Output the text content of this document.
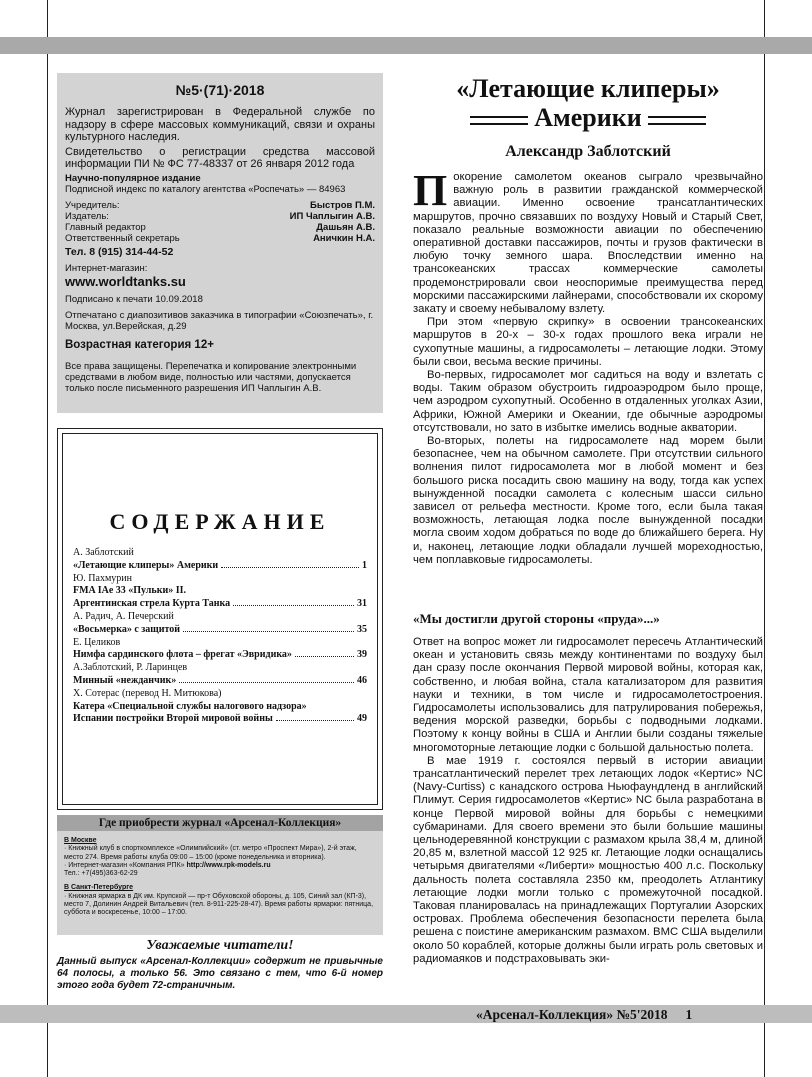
№5·(71)·2018
Журнал зарегистрирован в Федеральной службе по надзору в сфере массовых коммуникаций, связи и охраны культурного наследия.
Свидетельство о регистрации средства массовой информации ПИ № ФС 77-48337 от 26 января 2012 года
Научно-популярное издание
Подписной индекс по каталогу агентства «Роспечать» — 84963
Учредитель:	Быстров П.М.
Издатель:	ИП Чаплыгин А.В.
Главный редактор	Дашьян А.В.
Ответственный секретарь	Аничкин Н.А.
Тел. 8 (915) 314-44-52
Интернет-магазин:
www.worldtanks.su
Подписано к печати 10.09.2018
Отпечатано с диапозитивов заказчика в типографии «Союзпечать», г. Москва, ул.Верейская, д.29
Возрастная категория 12+
Все права защищены. Перепечатка и копирование электронными средствами в любом виде, полностью или частями, допускается только после письменного разрешения ИП Чаплыгин А.В.
СОДЕРЖАНИЕ
А. Заблотский
«Летающие клиперы» Америки	1
Ю. Пахмурин
FMA IAe 33 «Пульки» II.
Аргентинская стрела Курта Танка	31
А. Радич, А. Печерский
«Восьмерка» с защитой	35
Е. Целиков
Нимфа сардинского флота – фрегат «Эвридика»	39
А.Заблотский, Р. Ларинцев
Минный «нежданчик»	46
Х. Сотерас (перевод Н. Митюкова)
Катера «Специальной службы налогового надзора»
Испании постройки Второй мировой войны	49
Где приобрести журнал «Арсенал-Коллекция»
В Москве
· Книжный клуб в спорткомплексе «Олимпийский» (ст. метро «Проспект Мира»), 2-й этаж, место 274. Время работы клуба 09:00 – 15:00 (кроме понедельника и вторника).
· Интернет-магазин «Компания РПК» http://www.rpk-models.ru
Тел.: +7(495)363-62-29
В Санкт-Петербурге
· Книжная ярмарка в ДК им. Крупской — пр-т Обуховской обороны, д. 105, Синий зал (КП-3), место 7, Долинин Андрей Витальевич (тел. 8-911-225-28-47). Время работы ярмарки: пятница, суббота и воскресенье, 10:00 – 17:00.
Уважаемые читатели!
Данный выпуск «Арсенал-Коллекции» содержит не привычные 64 полосы, а только 56. Это связано с тем, что 6-й номер этого года будет 72-страничным.
«Летающие клиперы»
Америки
Александр Заблотский

Покорение самолетом океанов сыграло чрезвычайно важную роль в развитии гражданской коммерческой авиации. Именно освоение трансатлантических маршрутов, прочно связавших по воздуху Новый и Старый Свет, показало реальные возможности авиации по обеспечению оперативной доставки пассажиров, почты и грузов фактически в любую точку земного шара. Впоследствии именно на трансокеанских трассах коммерческие самолеты продемонстрировали свои неоспоримые преимущества перед морскими пассажирскими лайнерами, способствовали их скорому закату и своему небывалому взлету.

При этом «первую скрипку» в освоении трансокеанских маршрутов в 20-х – 30-х годах прошлого века играли не сухопутные машины, а гидросамолеты – летающие лодки. Этому были свои, весьма веские причины.

Во-первых, гидросамолет мог садиться на воду и взлетать с воды. Таким образом обустроить гидроаэродром было проще, чем аэродром сухопутный. Особенно в отдаленных уголках Азии, Африки, Южной Америки и Океании, где обычные аэродромы отсутствовали, но зато в избытке имелись водные акватории.

Во-вторых, полеты на гидросамолете над морем были безопаснее, чем на обычном самолете. При отсутствии сильного волнения пилот гидросамолета мог в любой момент и без большого риска посадить свою машину на воду, тогда как успех вынужденной посадки самолета с колесным шасси сильно зависел от рельефа местности. Кроме того, если была такая возможность, летающая лодка после вынужденной посадки могла своим ходом добраться по воде до ближайшего берега. Ну и, наконец, летающие лодки обладали лучшей мореходностью, чем поплавковые гидросамолеты.

«Мы достигли другой стороны «пруда»...»

Ответ на вопрос может ли гидросамолет пересечь Атлантический океан и установить связь между континентами по воздуху был дан сразу после окончания Первой мировой войны, которая как, собственно, и любая война, стала катализатором для развития науки и техники, в том числе и гидросамолетостроения. Гидросамолеты использовались для патрулирования побережья, ведения морской разведки, борьбы с подводными лодками. Поэтому к концу войны в США и Англии были созданы тяжелые многомоторные летающие лодки с большой дальностью полета.

В мае 1919 г. состоялся первый в истории авиации трансатлантический перелет трех летающих лодок «Кертис» NC (Navy-Curtiss) с канадского острова Ньюфаундленд в английский Плимут. Серия гидросамолетов «Кертис» NC была разработана в конце Первой мировой войны для борьбы с немецкими субмаринами. Для своего времени это были большие машины цельнодеревянной конструкции с размахом крыла 38,4 м, длиной 20,85 м, взлетной массой 12 925 кг. Летающие лодки оснащались четырьмя двигателями «Либерти» мощностью 400 л.с. Поскольку дальность полета составляла 2350 км, преодолеть Атлантику летающие лодки могли только с промежуточной посадкой. Таковая планировалась на принадлежащих Португалии Азорских островах. Проблема обеспечения безопасности перелета была решена с поистине американским размахом. ВМС США выделили около 50 кораблей, которые должны были играть роль световых и радиомаяков и подстраховывать эки-

«Арсенал-Коллекция» №5'2018 1
